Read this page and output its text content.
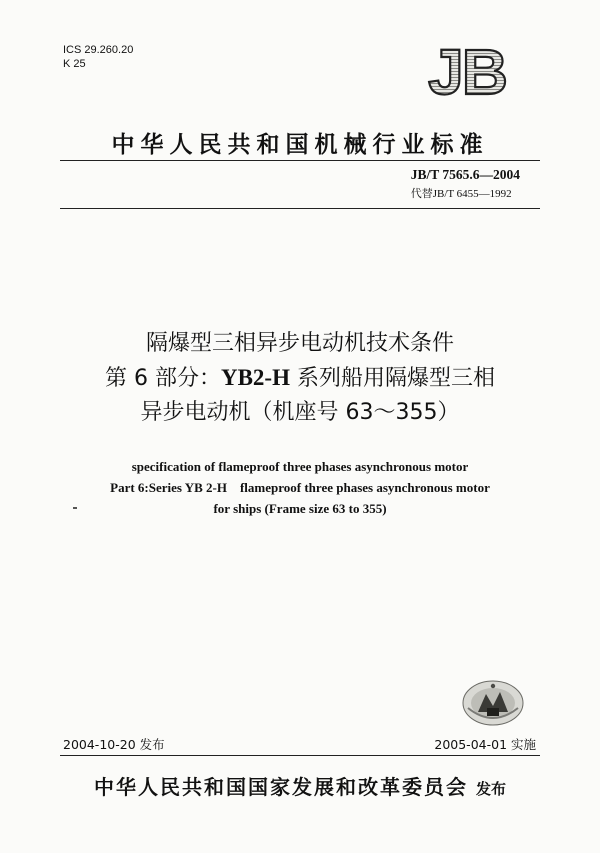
ICS 29.260.20
K 25	JB
中华人民共和国机械行业标准
JB/T 7565.6—2004
代替JB/T 6455—1992
隔爆型三相异步电动机技术条件
第 6 部分：YB2-H 系列船用隔爆型三相
异步电动机（机座号 63～355）
specification of flameproof three phases asynchronous motor
Part 6:Series YB 2-H    flameproof three phases asynchronous motor
for ships (Frame size 63 to 355)
2004-10-20 发布	2005-04-01 实施
中华人民共和国国家发展和改革委员会 发布
